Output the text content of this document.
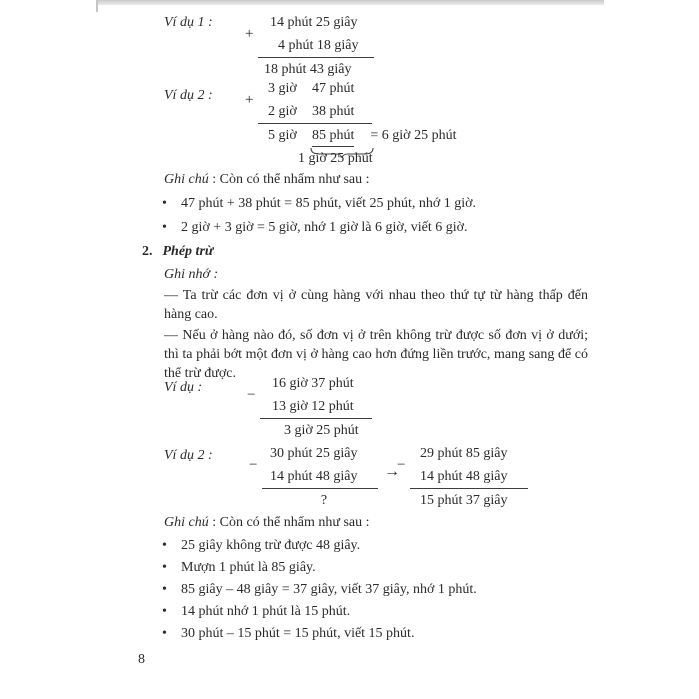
Ví dụ 1 :
+
14 phút 25 giây
4 phút 18 giây
18 phút 43 giây
Ví dụ 2 : +
3 giờ 47 phút
2 giờ 38 phút
5 giờ 85 phút = 6 giờ 25 phút
1 giờ 25 phút
Ghi chú : Còn có thể nhẩm như sau :
• 47 phút + 38 phút = 85 phút, viết 25 phút, nhớ 1 giờ.
• 2 giờ + 3 giờ = 5 giờ, nhớ 1 giờ là 6 giờ, viết 6 giờ.
2. Phép trừ
Ghi nhớ :
— Ta trừ các đơn vị ở cùng hàng với nhau theo thứ tự từ hàng thấp đến hàng cao.
— Nếu ở hàng nào đó, số đơn vị ở trên không trừ được số đơn vị ở dưới; thì ta phải bớt một đơn vị ở hàng cao hơn đứng liền trước, mang sang để có thể trừ được.
Ví dụ :	−
16 giờ 37 phút
13 giờ 12 phút
3 giờ 25 phút
Ví dụ 2 :
−
30 phút 25 giây
14 phút 48 giây
?
→
−
29 phút 85 giây
14 phút 48 giây
15 phút 37 giây
Ghi chú : Còn có thể nhẩm như sau :
• 25 giây không trừ được 48 giây.
• Mượn 1 phút là 85 giây.
• 85 giây – 48 giây = 37 giây, viết 37 giây, nhớ 1 phút.
• 14 phút nhớ 1 phút là 15 phút.
• 30 phút – 15 phút = 15 phút, viết 15 phút.
8
